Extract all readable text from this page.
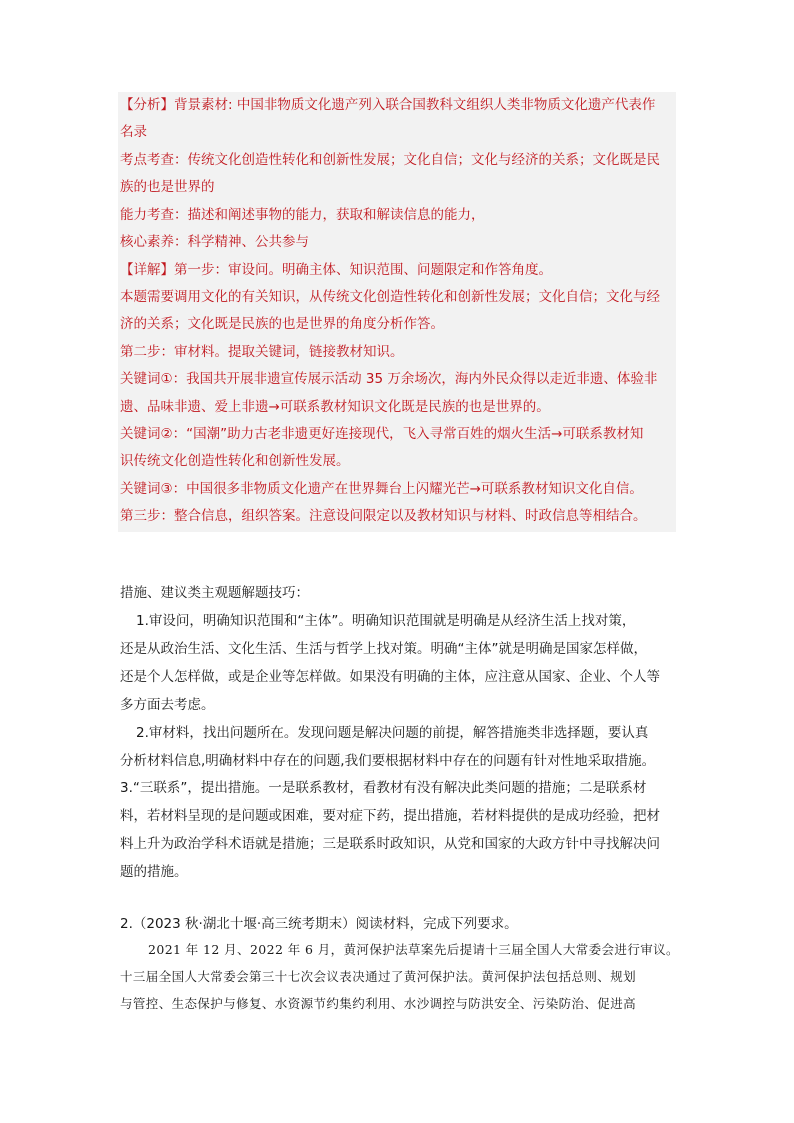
【分析】背景素材: 中国非物质文化遗产列入联合国教科文组织人类非物质文化遗产代表作
名录
考点考查：传统文化创造性转化和创新性发展；文化自信；文化与经济的关系；文化既是民
族的也是世界的
能力考查：描述和阐述事物的能力，获取和解读信息的能力，
核心素养：科学精神、公共参与
【详解】第一步：审设问。明确主体、知识范围、问题限定和作答角度。
本题需要调用文化的有关知识，从传统文化创造性转化和创新性发展；文化自信；文化与经
济的关系；文化既是民族的也是世界的角度分析作答。
第二步：审材料。提取关键词，链接教材知识。
关键词①：我国共开展非遗宣传展示活动 35 万余场次，海内外民众得以走近非遗、体验非
遗、品味非遗、爱上非遗→可联系教材知识文化既是民族的也是世界的。
关键词②：“国潮”助力古老非遗更好连接现代，飞入寻常百姓的烟火生活→可联系教材知
识传统文化创造性转化和创新性发展。
关键词③：中国很多非物质文化遗产在世界舞台上闪耀光芒→可联系教材知识文化自信。
第三步：整合信息，组织答案。注意设问限定以及教材知识与材料、时政信息等相结合。
措施、建议类主观题解题技巧：
1.审设问，明确知识范围和“主体”。明确知识范围就是明确是从经济生活上找对策，
还是从政治生活、文化生活、生活与哲学上找对策。明确“主体”就是明确是国家怎样做，
还是个人怎样做，或是企业等怎样做。如果没有明确的主体，应注意从国家、企业、个人等
多方面去考虑。
2.审材料，找出问题所在。发现问题是解决问题的前提，解答措施类非选择题，要认真
分析材料信息,明确材料中存在的问题,我们要根据材料中存在的问题有针对性地采取措施。
3.“三联系”，提出措施。一是联系教材，看教材有没有解决此类问题的措施；二是联系材
料，若材料呈现的是问题或困难，要对症下药，提出措施，若材料提供的是成功经验，把材
料上升为政治学科术语就是措施；三是联系时政知识，从党和国家的大政方针中寻找解决问
题的措施。
2.（2023 秋·湖北十堰·高三统考期末）阅读材料，完成下列要求。
2021 年 12 月、2022 年 6 月，黄河保护法草案先后提请十三届全国人大常委会进行审议。
十三届全国人大常委会第三十七次会议表决通过了黄河保护法。黄河保护法包括总则、规划
与管控、生态保护与修复、水资源节约集约利用、水沙调控与防洪安全、污染防治、促进高
